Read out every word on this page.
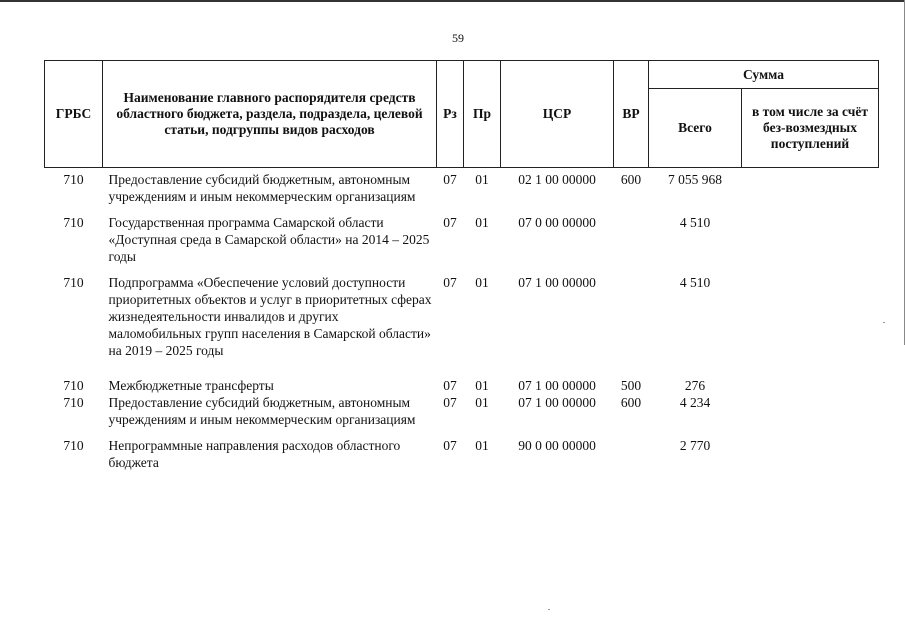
59
ГРБС	Наименование главного распорядителя средств областного бюджета, раздела, подраздела, целевой статьи, подгруппы видов расходов	Рз	Пр	ЦСР	ВР	Сумма	
						Всего	в том числе за счёт без-возмездных поступлений

710	Предоставление субсидий бюджетным, автономным учреждениям и иным некоммерческим организациям	07	01	02 1 00 00000	600	7 055 968	
710	Государственная программа Самарской области «Доступная среда в Самарской области» на 2014 – 2025 годы	07	01	07 0 00 00000		4 510	
710	Подпрограмма «Обеспечение условий доступности приоритетных объектов и услуг в приоритетных сферах жизнедеятельности инвалидов и других маломобильных групп населения в Самарской области» на 2019 – 2025 годы	07	01	07 1 00 00000		4 510	
710	Межбюджетные трансферты	07	01	07 1 00 00000	500	276	
710	Предоставление субсидий бюджетным, автономным учреждениям и иным некоммерческим организациям	07	01	07 1 00 00000	600	4 234	
710	Непрограммные направления расходов областного бюджета	07	01	90 0 00 00000		2 770	
